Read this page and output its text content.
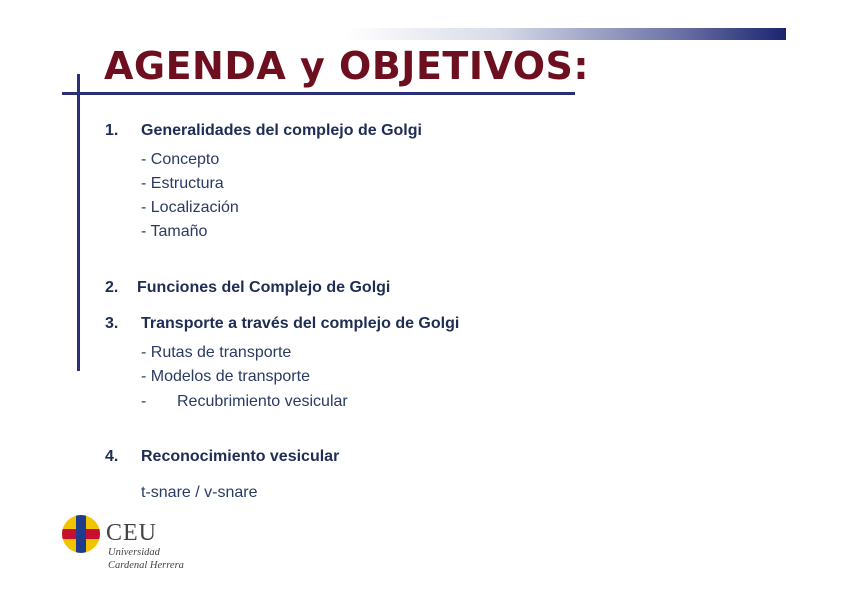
AGENDA y OBJETIVOS:
1. Generalidades del complejo de Golgi
- Concepto
- Estructura
- Localización
- Tamaño
2. Funciones del Complejo de Golgi
3. Transporte a través del complejo de Golgi
- Rutas de transporte
- Modelos de transporte
- Recubrimiento vesicular
4. Reconocimiento vesicular
t-snare / v-snare
CEU
Universidad
Cardenal Herrera
